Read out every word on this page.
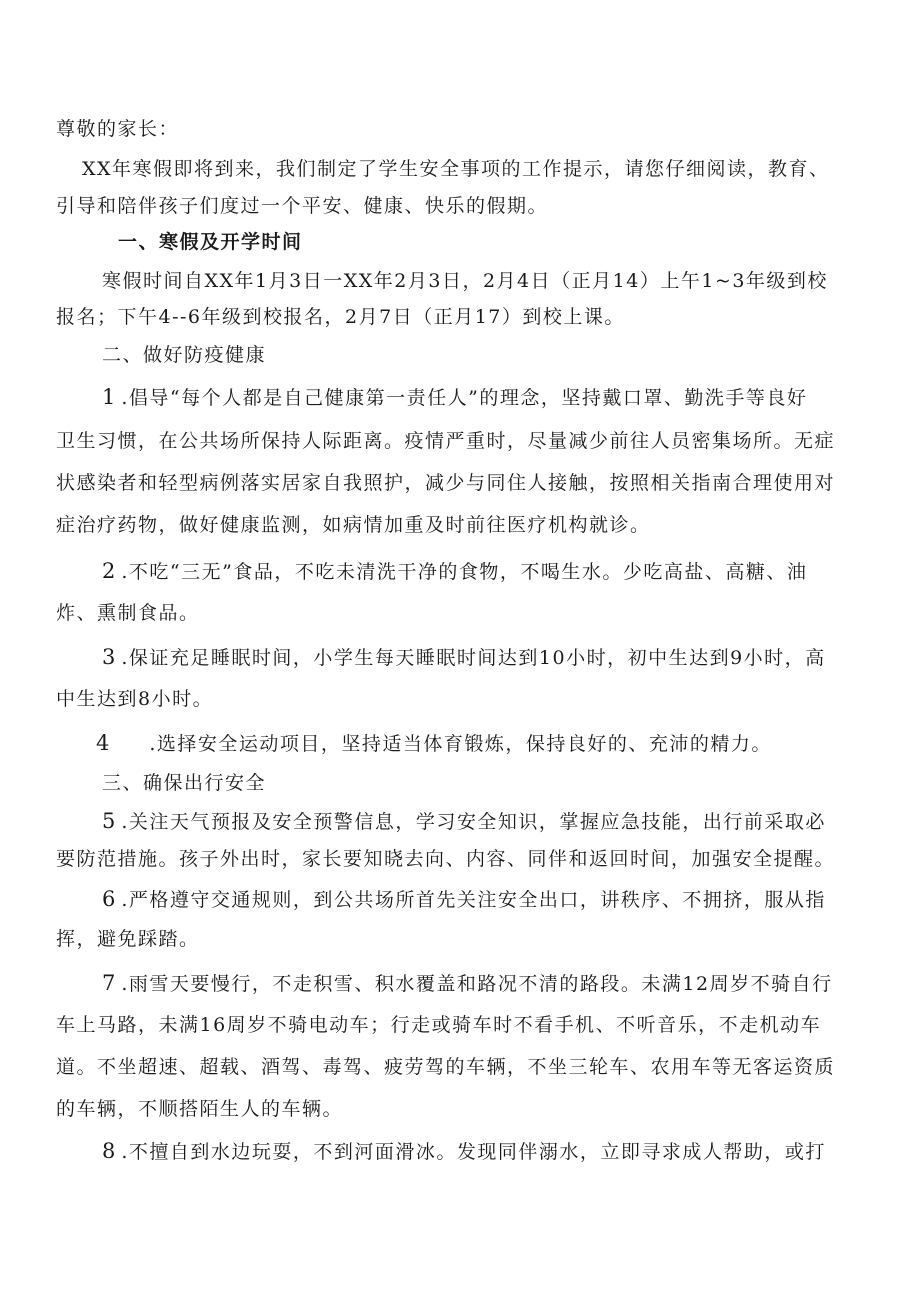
尊敬的家长：
XX年寒假即将到来，我们制定了学生安全事项的工作提示，请您仔细阅读，教育、
引导和陪伴孩子们度过一个平安、健康、快乐的假期。
一、寒假及开学时间
寒假时间自XX年1月3日一XX年2月3日，2月4日（正月14）上午1~3年级到校
报名；下午4--6年级到校报名，2月7日（正月17）到校上课。
二、做好防疫健康
1 .倡导“每个人都是自己健康第一责任人”的理念，坚持戴口罩、勤洗手等良好
卫生习惯，在公共场所保持人际距离。疫情严重时，尽量减少前往人员密集场所。无症
状感染者和轻型病例落实居家自我照护，减少与同住人接触，按照相关指南合理使用对
症治疗药物，做好健康监测，如病情加重及时前往医疗机构就诊。
2 .不吃“三无”食品，不吃未清洗干净的食物，不喝生水。少吃高盐、高糖、油
炸、熏制食品。
3 .保证充足睡眠时间，小学生每天睡眠时间达到10小时，初中生达到9小时，高
中生达到8小时。
4 .选择安全运动项目，坚持适当体育锻炼，保持良好的、充沛的精力。
三、确保出行安全
5 .关注天气预报及安全预警信息，学习安全知识，掌握应急技能，出行前采取必
要防范措施。孩子外出时，家长要知晓去向、内容、同伴和返回时间，加强安全提醒。
6 .严格遵守交通规则，到公共场所首先关注安全出口，讲秩序、不拥挤，服从指
挥，避免踩踏。
7 .雨雪天要慢行，不走积雪、积水覆盖和路况不清的路段。未满12周岁不骑自行
车上马路，未满16周岁不骑电动车；行走或骑车时不看手机、不听音乐，不走机动车
道。不坐超速、超载、酒驾、毒驾、疲劳驾的车辆，不坐三轮车、农用车等无客运资质
的车辆，不顺搭陌生人的车辆。
8 .不擅自到水边玩耍，不到河面滑冰。发现同伴溺水，立即寻求成人帮助，或打
